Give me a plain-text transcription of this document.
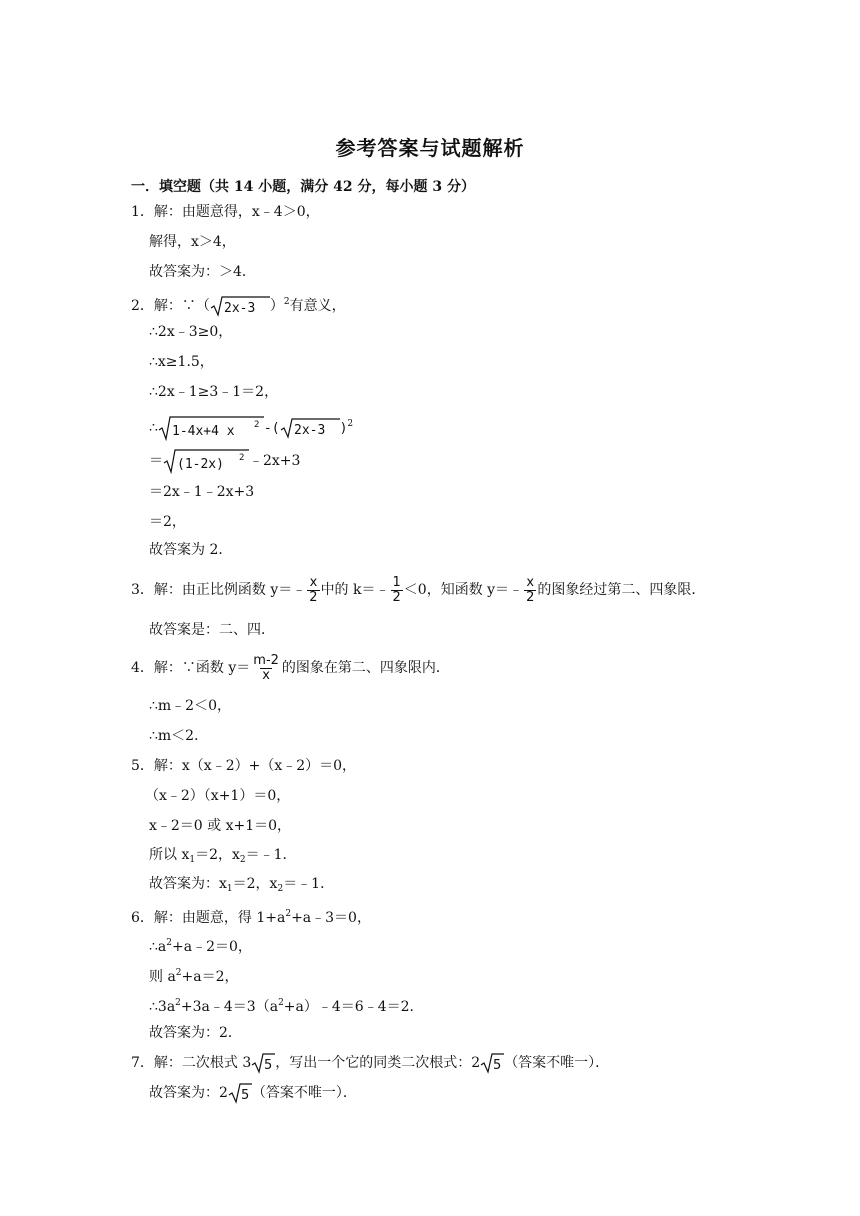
参考答案与试题解析
一．填空题（共 14 小题，满分 42 分，每小题 3 分）
1．解：由题意得，x﹣4＞0，
解得，x＞4，
故答案为：＞4．
2．解：∵（ 2x-3 ）$^2$有意义，
∴2x﹣3≥0，
∴x≥1.5，
∴2x﹣1≥3﹣1＝2，
∴ 1-4x+4 x 2 -( 2x-3 )$^2$
＝ (1-2x) 2 ﹣2x+3
＝2x﹣1﹣2x+3
＝2，
故答案为 2．
3．解：由正比例函数 y＝﹣ $\frac{x}{2}$ 中的 k＝﹣ $\frac{1}{2} <0$，知函数 y＝﹣ $\frac{x}{2}$ 的图象经过第二、四象限．
故答案是：二、四．
4．解：∵函数 $y= \frac{m-2}{x}$ 的图象在第二、四象限内．
∴m﹣2＜0，
∴m＜2．
5．解：x（x﹣2）+（x﹣2）＝0，
（x﹣2）（x+1）＝0，
x﹣2＝0 或 x+1＝0，
所以 $x_1=2$，$x_2=﹣1$．
故答案为：$x_1=2$，$x_2=﹣1$．
6．解：由题意，得 $1+a^2+a﹣3=0$，
$\therefore a^2+a﹣2=0$，
则 $a^2+a=2$，
$\therefore 3a^2+3a﹣4=3(a^2+a)﹣4=6﹣4=2$．
故答案为：2．
7．解：二次根式 3 5 ，写出一个它的同类二次根式：2 5 （答案不唯一）．
故答案为：2 5 （答案不唯一）．
